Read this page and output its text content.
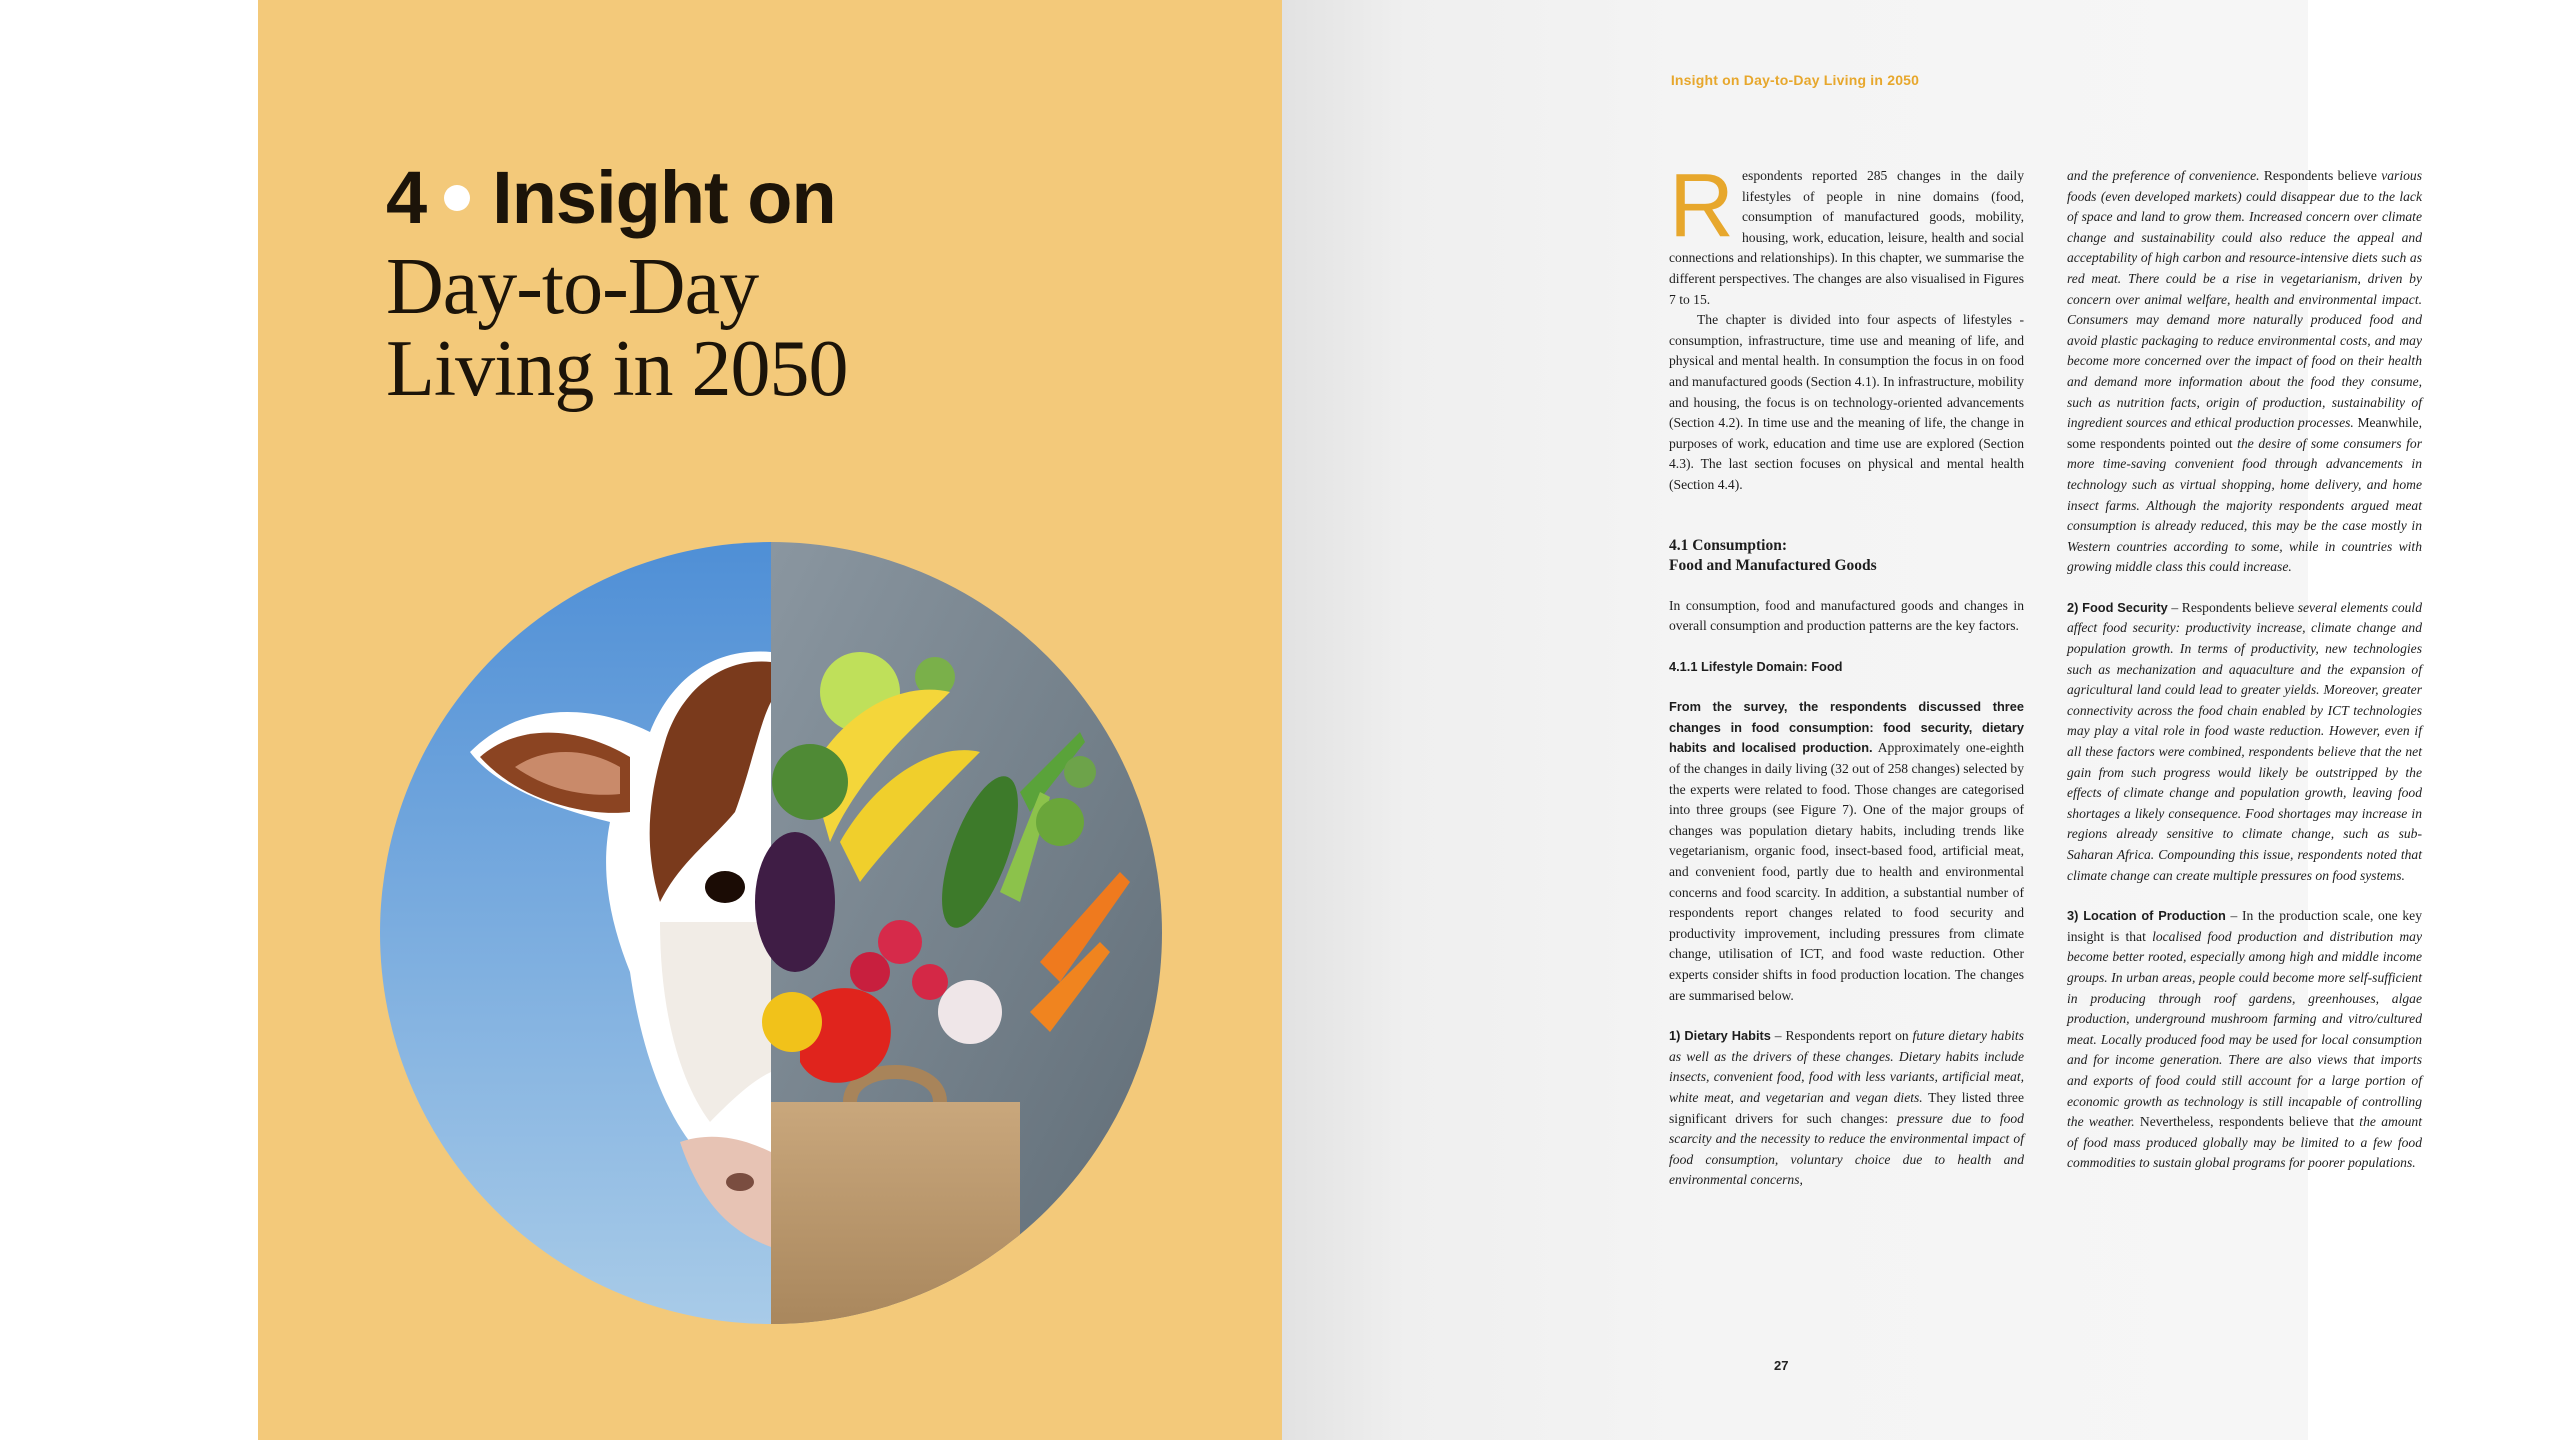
4 Insight on
Day-to-Day
Living in 2050
Insight on Day-to-Day Living in 2050

Respondents reported 285 changes in the daily lifestyles of people in nine domains (food, consumption of manufactured goods, mobility, housing, work, education, leisure, health and social connections and relationships). In this chapter, we summarise the different perspectives. The changes are also visualised in Figures 7 to 15.

The chapter is divided into four aspects of lifestyles - consumption, infrastructure, time use and meaning of life, and physical and mental health. In consumption the focus in on food and manufactured goods (Section 4.1). In infrastructure, mobility and housing, the focus is on technology-oriented advancements (Section 4.2). In time use and the meaning of life, the change in purposes of work, education and time use are explored (Section 4.3). The last section focuses on physical and mental health (Section 4.4).

4.1 Consumption:
Food and Manufactured Goods

In consumption, food and manufactured goods and changes in overall consumption and production patterns are the key factors.

4.1.1 Lifestyle Domain: Food

From the survey, the respondents discussed three changes in food consumption: food security, dietary habits and localised production. Approximately one-eighth of the changes in daily living (32 out of 258 changes) selected by the experts were related to food. Those changes are categorised into three groups (see Figure 7). One of the major groups of changes was population dietary habits, including trends like vegetarianism, organic food, insect-based food, artificial meat, and convenient food, partly due to health and environmental concerns and food scarcity. In addition, a substantial number of respondents report changes related to food security and productivity improvement, including pressures from climate change, utilisation of ICT, and food waste reduction. Other experts consider shifts in food production location. The changes are summarised below.

1) Dietary Habits – Respondents report on future dietary habits as well as the drivers of these changes. Dietary habits include insects, convenient food, food with less variants, artificial meat, white meat, and vegetarian and vegan diets. They listed three significant drivers for such changes: pressure due to food scarcity and the necessity to reduce the environmental impact of food consumption, voluntary choice due to health and environmental concerns,

and the preference of convenience. Respondents believe various foods (even developed markets) could disappear due to the lack of space and land to grow them. Increased concern over climate change and sustainability could also reduce the appeal and acceptability of high carbon and resource-intensive diets such as red meat. There could be a rise in vegetarianism, driven by concern over animal welfare, health and environmental impact. Consumers may demand more naturally produced food and avoid plastic packaging to reduce environmental costs, and may become more concerned over the impact of food on their health and demand more information about the food they consume, such as nutrition facts, origin of production, sustainability of ingredient sources and ethical production processes. Meanwhile, some respondents pointed out the desire of some consumers for more time-saving convenient food through advancements in technology such as virtual shopping, home delivery, and home insect farms. Although the majority respondents argued meat consumption is already reduced, this may be the case mostly in Western countries according to some, while in countries with growing middle class this could increase.

2) Food Security – Respondents believe several elements could affect food security: productivity increase, climate change and population growth. In terms of productivity, new technologies such as mechanization and aquaculture and the expansion of agricultural land could lead to greater yields. Moreover, greater connectivity across the food chain enabled by ICT technologies may play a vital role in food waste reduction. However, even if all these factors were combined, respondents believe that the net gain from such progress would likely be outstripped by the effects of climate change and population growth, leaving food shortages a likely consequence. Food shortages may increase in regions already sensitive to climate change, such as sub-Saharan Africa. Compounding this issue, respondents noted that climate change can create multiple pressures on food systems.

3) Location of Production – In the production scale, one key insight is that localised food production and distribution may become better rooted, especially among high and middle income groups. In urban areas, people could become more self-sufficient in producing through roof gardens, greenhouses, algae production, underground mushroom farming and vitro/cultured meat. Locally produced food may be used for local consumption and for income generation. There are also views that imports and exports of food could still account for a large portion of economic growth as technology is still incapable of controlling the weather. Nevertheless, respondents believe that the amount of food mass produced globally may be limited to a few food commodities to sustain global programs for poorer populations.

27
